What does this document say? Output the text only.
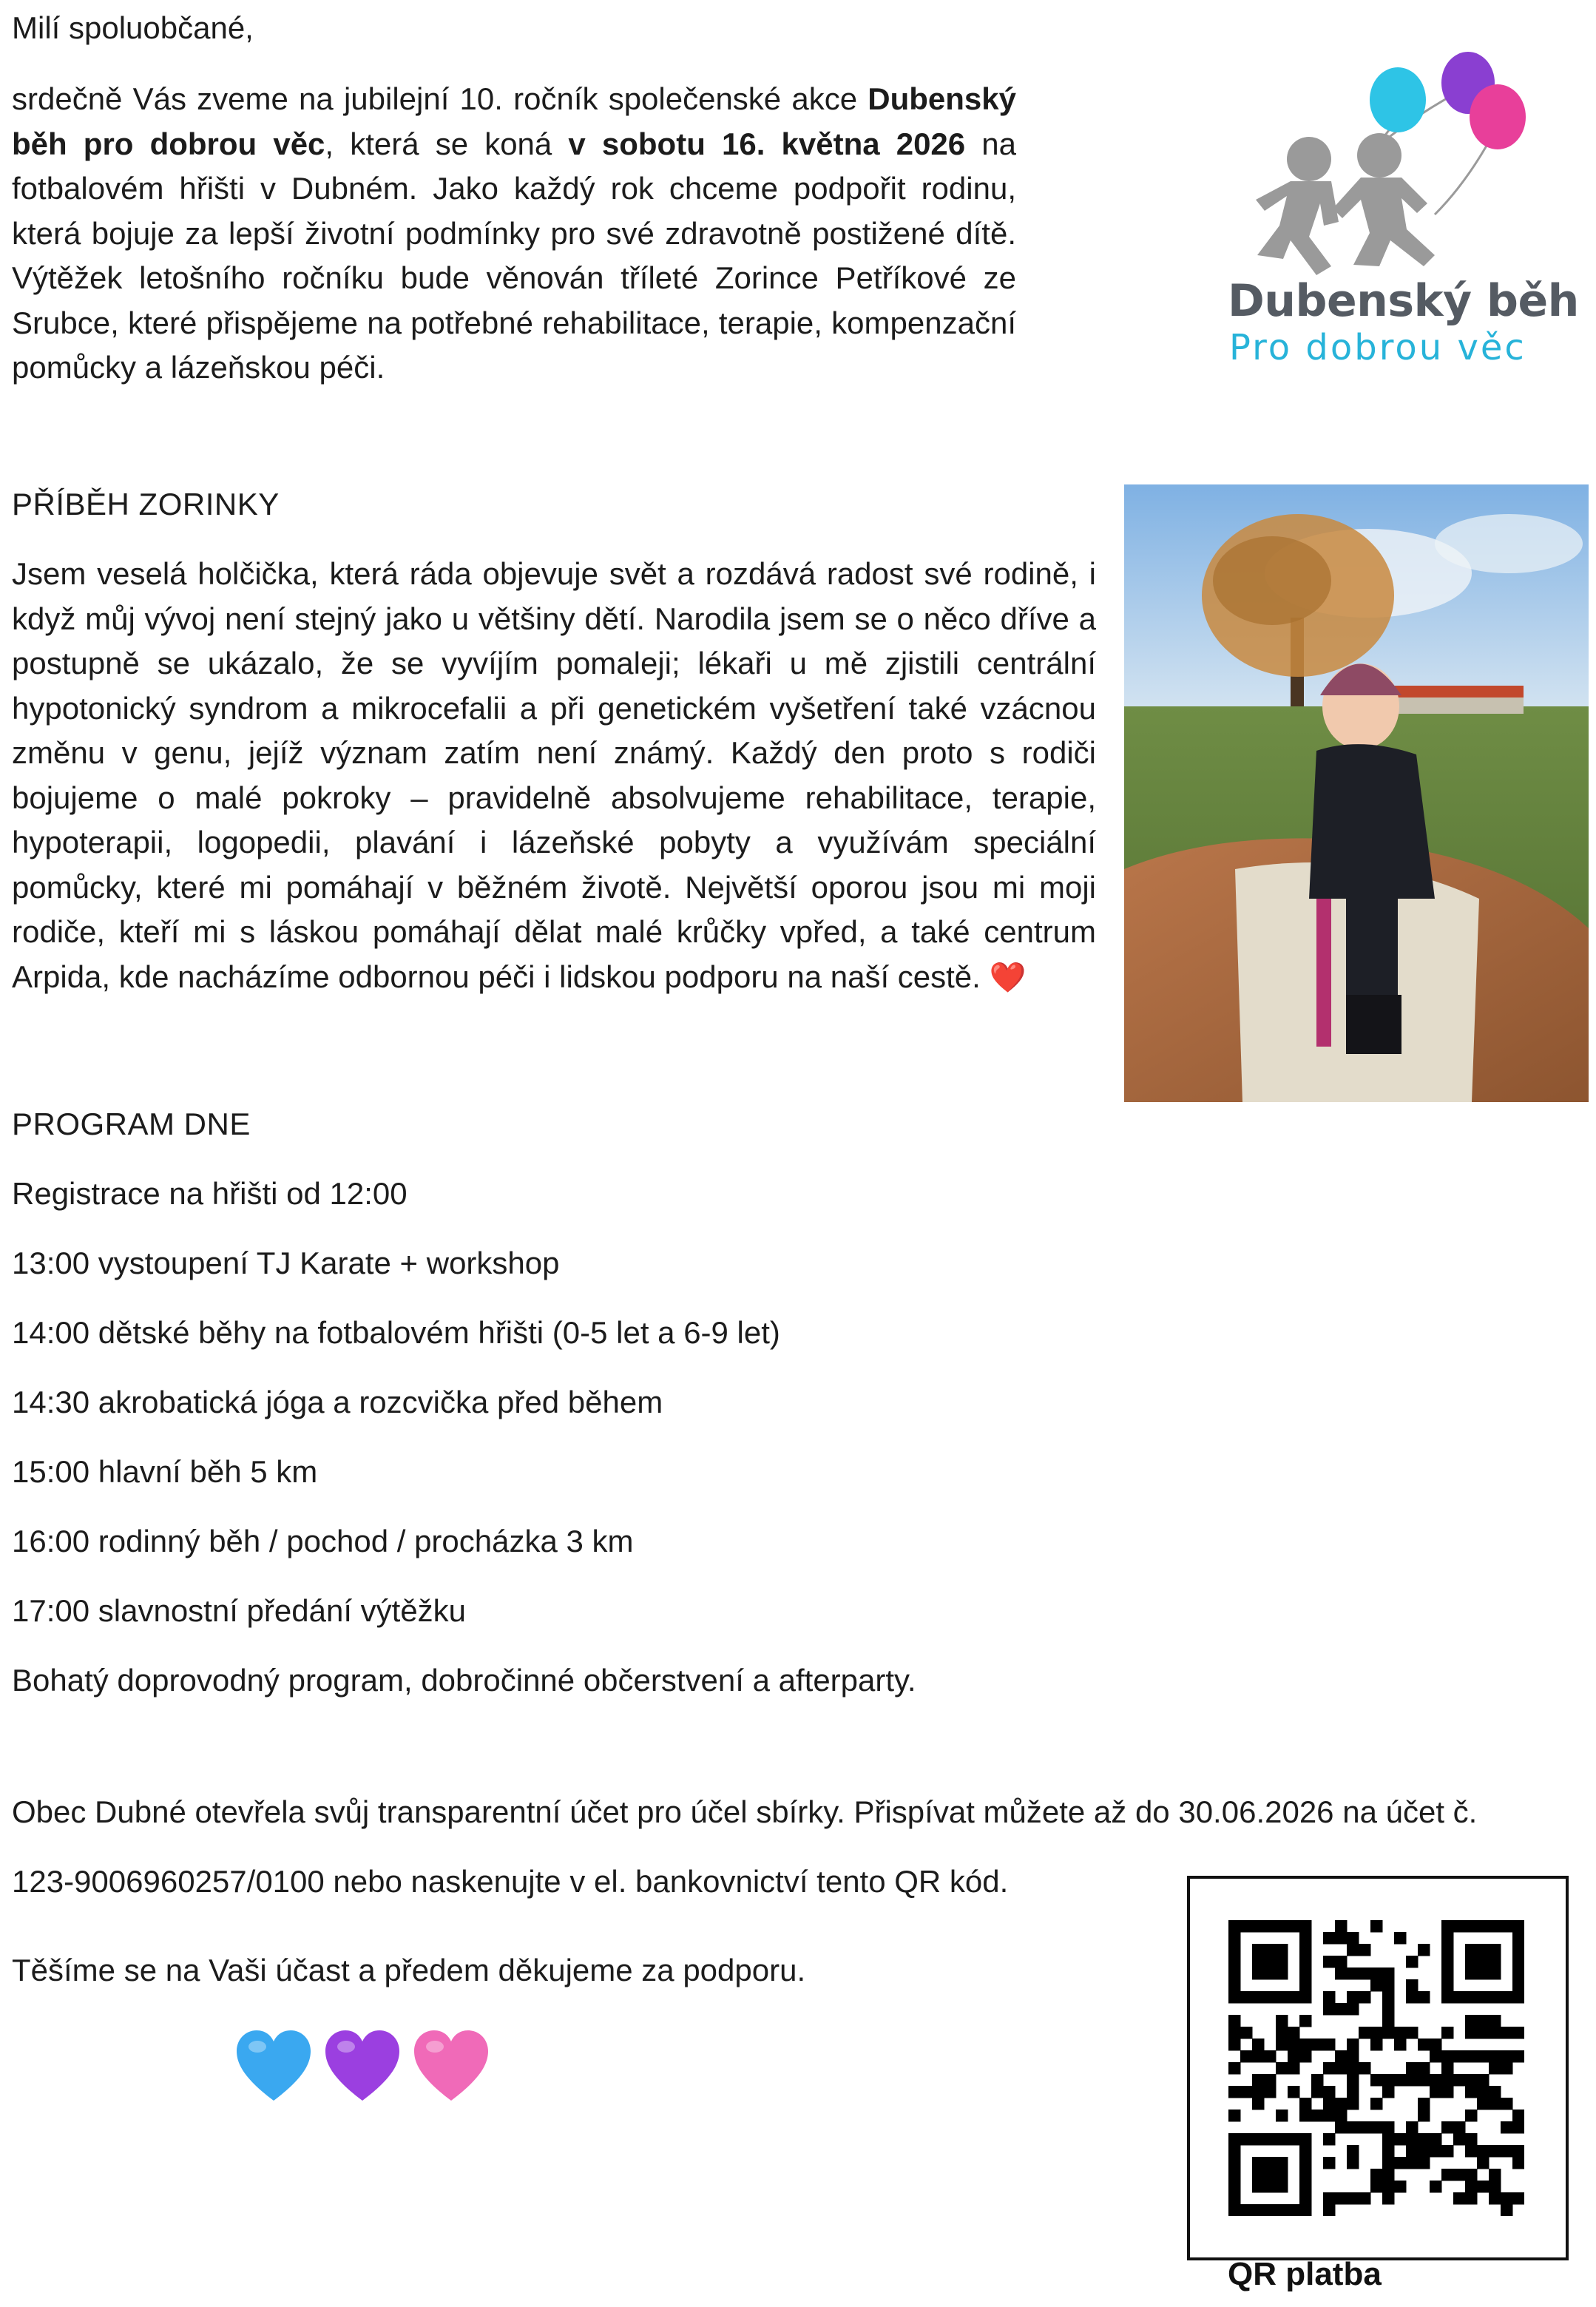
Milí spoluobčané,
srdečně Vás zveme na jubilejní 10. ročník společenské akce Dubenský běh pro dobrou věc, která se koná v sobotu 16. května 2026 na fotbalovém hřišti v Dubném. Jako každý rok chceme podpořit rodinu, která bojuje za lepší životní podmínky pro své zdravotně postižené dítě. Výtěžek letošního ročníku bude věnován tříleté Zorince Petříkové ze Srubce, které přispějeme na potřebné rehabilitace, terapie, kompenzační pomůcky a lázeňskou péči.
Dubenský běh
Pro dobrou věc
PŘÍBĚH ZORINKY
Jsem veselá holčička, která ráda objevuje svět a rozdává radost své rodině, i když můj vývoj není stejný jako u většiny dětí. Narodila jsem se o něco dříve a postupně se ukázalo, že se vyvíjím pomaleji; lékaři u mě zjistili centrální hypotonický syndrom a mikrocefalii a při genetickém vyšetření také vzácnou změnu v genu, jejíž význam zatím není známý. Každý den proto s rodiči bojujeme o malé pokroky – pravidelně absolvujeme rehabilitace, terapie, hypoterapii, logopedii, plavání i lázeňské pobyty a využívám speciální pomůcky, které mi pomáhají v běžném životě. Největší oporou jsou mi moji rodiče, kteří mi s láskou pomáhají dělat malé krůčky vpřed, a také centrum Arpida, kde nacházíme odbornou péči i lidskou podporu na naší cestě. ❤️
PROGRAM DNE
Registrace na hřišti od 12:00
13:00 vystoupení TJ Karate + workshop
14:00 dětské běhy na fotbalovém hřišti (0-5 let a 6-9 let)
14:30 akrobatická jóga a rozcvička před během
15:00 hlavní běh 5 km
16:00 rodinný běh / pochod / procházka 3 km
17:00 slavnostní předání výtěžku
Bohatý doprovodný program, dobročinné občerstvení a afterparty.
Obec Dubné otevřela svůj transparentní účet pro účel sbírky. Přispívat můžete až do 30.06.2026 na účet č.
123-9006960257/0100 nebo naskenujte v el. bankovnictví tento QR kód.
Těšíme se na Vaši účast a předem děkujeme za podporu.
QR platba
